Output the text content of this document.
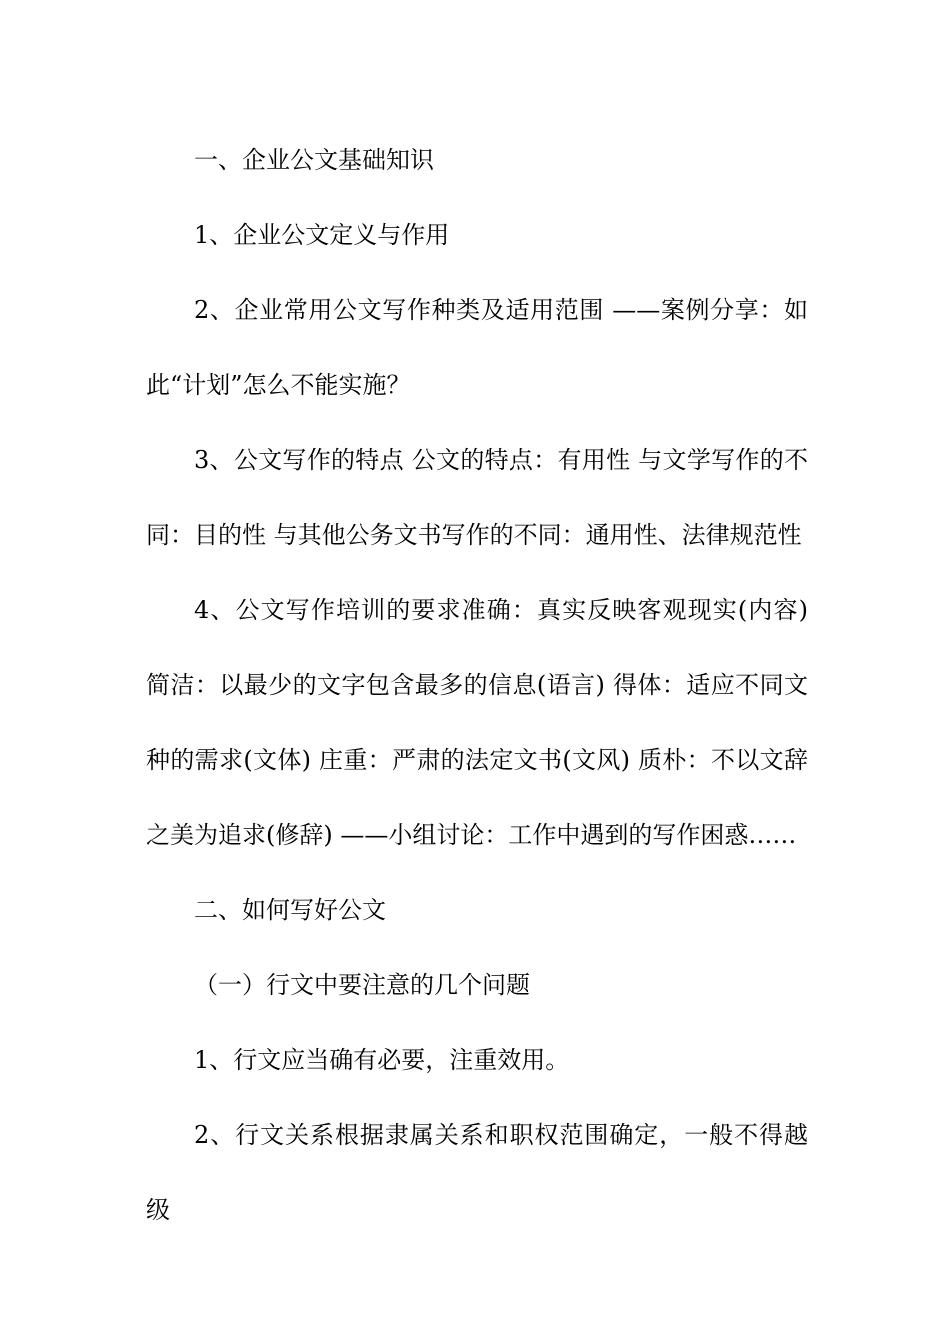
一、企业公文基础知识

1、企业公文定义与作用

2、企业常用公文写作种类及适用范围 ——案例分享：如此“计划”怎么不能实施？

3、公文写作的特点 公文的特点：有用性 与文学写作的不同：目的性 与其他公务文书写作的不同：通用性、法律规范性

4、公文写作培训的要求准确：真实反映客观现实(内容) 简洁：以最少的文字包含最多的信息(语言) 得体：适应不同文种的需求(文体) 庄重：严肃的法定文书(文风) 质朴：不以文辞之美为追求(修辞) ——小组讨论：工作中遇到的写作困惑……

二、如何写好公文

（一）行文中要注意的几个问题

1、行文应当确有必要，注重效用。

2、行文关系根据隶属关系和职权范围确定，一般不得越级
